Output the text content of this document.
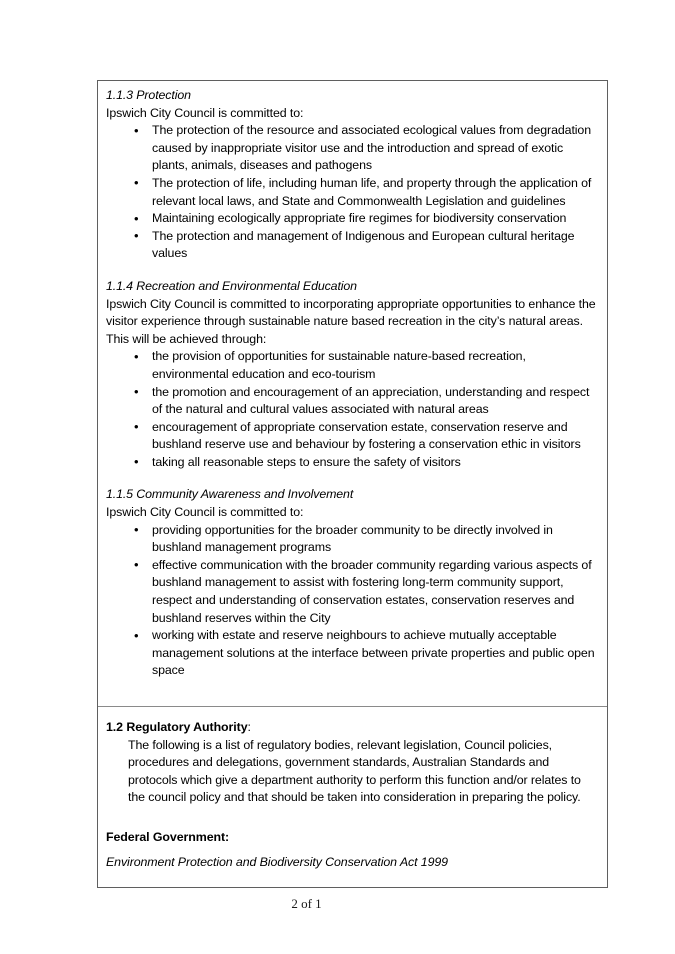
1.1.3 Protection

Ipswich City Council is committed to:

• The protection of the resource and associated ecological values from degradation caused by inappropriate visitor use and the introduction and spread of exotic plants, animals, diseases and pathogens
• The protection of life, including human life, and property through the application of relevant local laws, and State and Commonwealth Legislation and guidelines
• Maintaining ecologically appropriate fire regimes for biodiversity conservation
• The protection and management of Indigenous and European cultural heritage values

1.1.4 Recreation and Environmental Education

Ipswich City Council is committed to incorporating appropriate opportunities to enhance the visitor experience through sustainable nature based recreation in the city’s natural areas. This will be achieved through:

• the provision of opportunities for sustainable nature-based recreation, environmental education and eco-tourism
• the promotion and encouragement of an appreciation, understanding and respect of the natural and cultural values associated with natural areas
• encouragement of appropriate conservation estate, conservation reserve and bushland reserve use and behaviour by fostering a conservation ethic in visitors
• taking all reasonable steps to ensure the safety of visitors

1.1.5 Community Awareness and Involvement

Ipswich City Council is committed to:

• providing opportunities for the broader community to be directly involved in bushland management programs
• effective communication with the broader community regarding various aspects of bushland management to assist with fostering long-term community support, respect and understanding of conservation estates, conservation reserves and bushland reserves within the City
• working with estate and reserve neighbours to achieve mutually acceptable management solutions at the interface between private properties and public open space

1.2 Regulatory Authority:

The following is a list of regulatory bodies, relevant legislation, Council policies, procedures and delegations, government standards, Australian Standards and protocols which give a department authority to perform this function and/or relates to the council policy and that should be taken into consideration in preparing the policy.

Federal Government:

Environment Protection and Biodiversity Conservation Act 1999

2 of 1
